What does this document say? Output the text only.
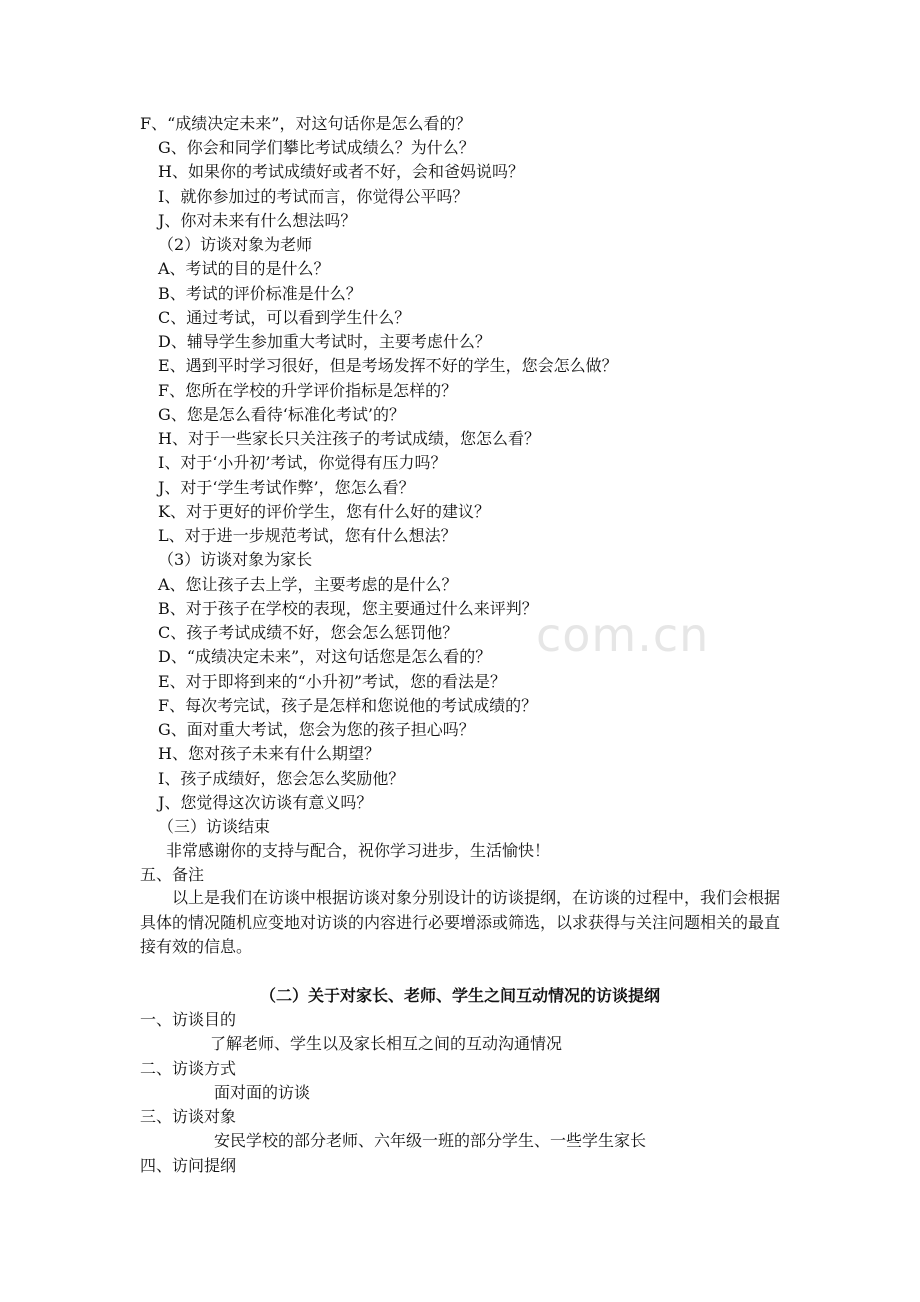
com.cn
F、“成绩决定未来”，对这句话你是怎么看的？
G、你会和同学们攀比考试成绩么？为什么？
H、如果你的考试成绩好或者不好，会和爸妈说吗？
I、就你参加过的考试而言，你觉得公平吗？
J、你对未来有什么想法吗？
（2）访谈对象为老师
A、考试的目的是什么？
B、考试的评价标准是什么？
C、通过考试，可以看到学生什么？
D、辅导学生参加重大考试时，主要考虑什么？
E、遇到平时学习很好，但是考场发挥不好的学生，您会怎么做？
F、您所在学校的升学评价指标是怎样的？
G、您是怎么看待‘标准化考试’的？
H、对于一些家长只关注孩子的考试成绩，您怎么看？
I、对于‘小升初’考试，你觉得有压力吗？
J、对于‘学生考试作弊’，您怎么看？
K、对于更好的评价学生，您有什么好的建议？
L、对于进一步规范考试，您有什么想法？
（3）访谈对象为家长
A、您让孩子去上学，主要考虑的是什么？
B、对于孩子在学校的表现，您主要通过什么来评判？
C、孩子考试成绩不好，您会怎么惩罚他？
D、“成绩决定未来”，对这句话您是怎么看的？
E、对于即将到来的“小升初”考试，您的看法是？
F、每次考完试，孩子是怎样和您说他的考试成绩的？
G、面对重大考试，您会为您的孩子担心吗？
H、您对孩子未来有什么期望？
I、孩子成绩好，您会怎么奖励他？
J、您觉得这次访谈有意义吗？
（三）访谈结束
非常感谢你的支持与配合，祝你学习进步，生活愉快！
五、备注
以上是我们在访谈中根据访谈对象分别设计的访谈提纲，在访谈的过程中，我们会根据具体的情况随机应变地对访谈的内容进行必要增添或筛选，以求获得与关注问题相关的最直接有效的信息。
（二）关于对家长、老师、学生之间互动情况的访谈提纲
一、访谈目的
了解老师、学生以及家长相互之间的互动沟通情况
二、访谈方式
面对面的访谈
三、访谈对象
安民学校的部分老师、六年级一班的部分学生、一些学生家长
四、访问提纲
